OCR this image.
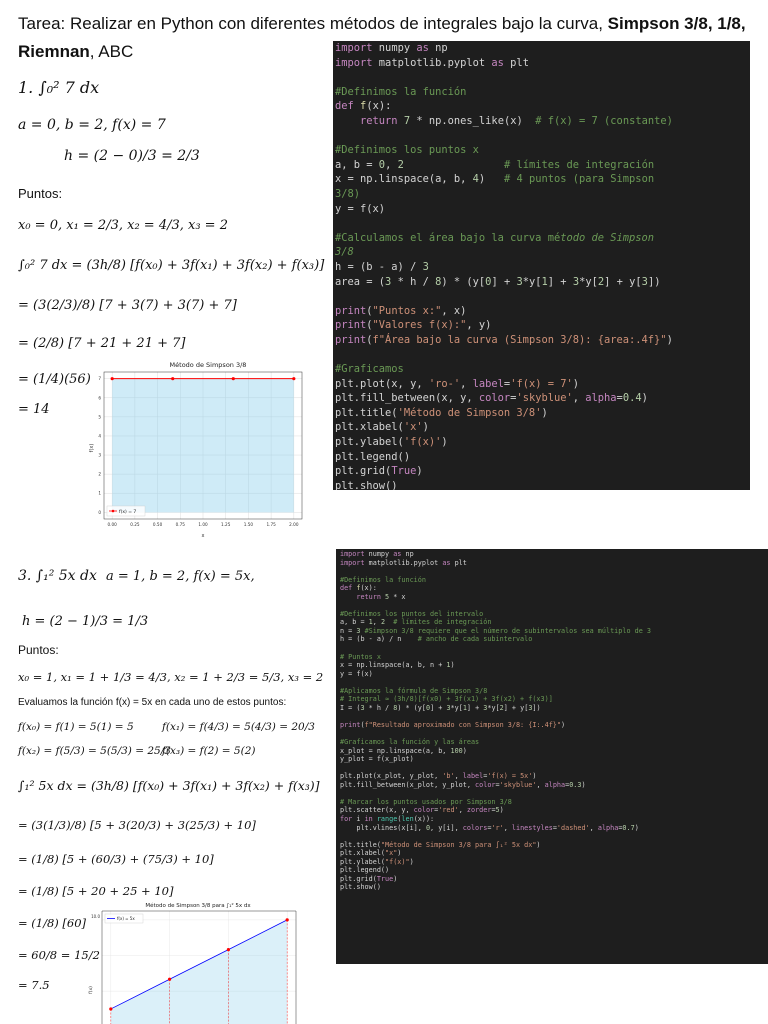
Tarea: Realizar en Python con diferentes métodos de integrales bajo la curva, Simpson 3/8, 1/8,
Riemnan, ABC
1. ∫₀² 7 dx
a = 0, b = 2, f(x) = 7
h = (2 − 0)/3 = 2/3
Puntos:
x₀ = 0, x₁ = 2/3, x₂ = 4/3, x₃ = 2
∫₀² 7 dx = (3h/8) [f(x₀) + 3f(x₁) + 3f(x₂) + f(x₃)]
= (3(2/3)/8) [7 + 3(7) + 3(7) + 7]
= (2/8) [7 + 21 + 21 + 7]
= (1/4)(56)
= 14
Método de Simpson 3/8
0.00	0.25	0.50	0.75	1.00	1.25	1.50	1.75	2.00
0
1
2
3
4
5
6
7
x
f(x)
f(x) = 7
import numpy as np
import matplotlib.pyplot as plt

#Definimos la función
def f(x):
return 7 * np.ones_like(x)  # f(x) = 7 (constante)

#Definimos los puntos x
a, b = 0, 2	# límites de integración
x = np.linspace(a, b, 4)   # 4 puntos (para Simpson
3/8)
y = f(x)

#Calculamos el área bajo la curva método de Simpson
3/8
h = (b - a) / 3
area = (3 * h / 8) * (y[0] + 3*y[1] + 3*y[2] + y[3])

print("Puntos x:", x)
print("Valores f(x):", y)
print(f"Área bajo la curva (Simpson 3/8): {area:.4f}")

#Graficamos
plt.plot(x, y, 'ro-', label='f(x) = 7')
plt.fill_between(x, y, color='skyblue', alpha=0.4)
plt.title('Método de Simpson 3/8')
plt.xlabel('x')
plt.ylabel('f(x)')
plt.legend()
plt.grid(True)
plt.show()
3. ∫₁² 5x dx a = 1, b = 2, f(x) = 5x,
h = (2 − 1)/3 = 1/3
Puntos:
x₀ = 1, x₁ = 1 + 1/3 = 4/3, x₂ = 1 + 2/3 = 5/3, x₃ = 2
Evaluamos la función f(x) = 5x en cada uno de estos puntos:
f(x₀) = f(1) = 5(1) = 5	f(x₁) = f(4/3) = 5(4/3) = 20/3
f(x₂) = f(5/3) = 5(5/3) = 25/3
f(x₃) = f(2) = 5(2)
∫₁² 5x dx = (3h/8) [f(x₀) + 3f(x₁) + 3f(x₂) + f(x₃)]
= (3(1/3)/8) [5 + 3(20/3) + 3(25/3) + 10]
= (1/8) [5 + (60/3) + (75/3) + 10]
= (1/8) [5 + 20 + 25 + 10]
= (1/8) [60]
= 60/8 = 15/2
= 7.5
Método de Simpson 3/8 para ∫₁² 5x dx
10.0
f(x)
f(x) = 5x
import numpy as np
import matplotlib.pyplot as plt

#Definimos la función
def f(x):
return 5 * x

#Definimos los puntos del intervalo
a, b = 1, 2 # límites de integración
n = 3 #Simpson 3/8 requiere que el número de subintervalos sea múltiplo de 3
h = (b - a) / n    # ancho de cada subintervalo

# Puntos x
x = np.linspace(a, b, n + 1)
y = f(x)

#Aplicamos la fórmula de Simpson 3/8
# Integral ≈ (3h/8)[f(x0) + 3f(x1) + 3f(x2) + f(x3)]
I = (3 * h / 8) * (y[0] + 3*y[1] + 3*y[2] + y[3])

print(f"Resultado aproximado con Simpson 3/8: {I:.4f}")

#Graficamos la función y las áreas
x_plot = np.linspace(a, b, 100)
y_plot = f(x_plot)

plt.plot(x_plot, y_plot, 'b', label='f(x) = 5x')
plt.fill_between(x_plot, y_plot, color='skyblue', alpha=0.3)

# Marcar los puntos usados por Simpson 3/8
plt.scatter(x, y, color='red', zorder=5)
for i in range(len(x)):
plt.vlines(x[i], 0, y[i], colors='r', linestyles='dashed', alpha=0.7)

plt.title("Método de Simpson 3/8 para ∫₁² 5x dx")
plt.xlabel("x")
plt.ylabel("f(x)")
plt.legend()
plt.grid(True)
plt.show()
